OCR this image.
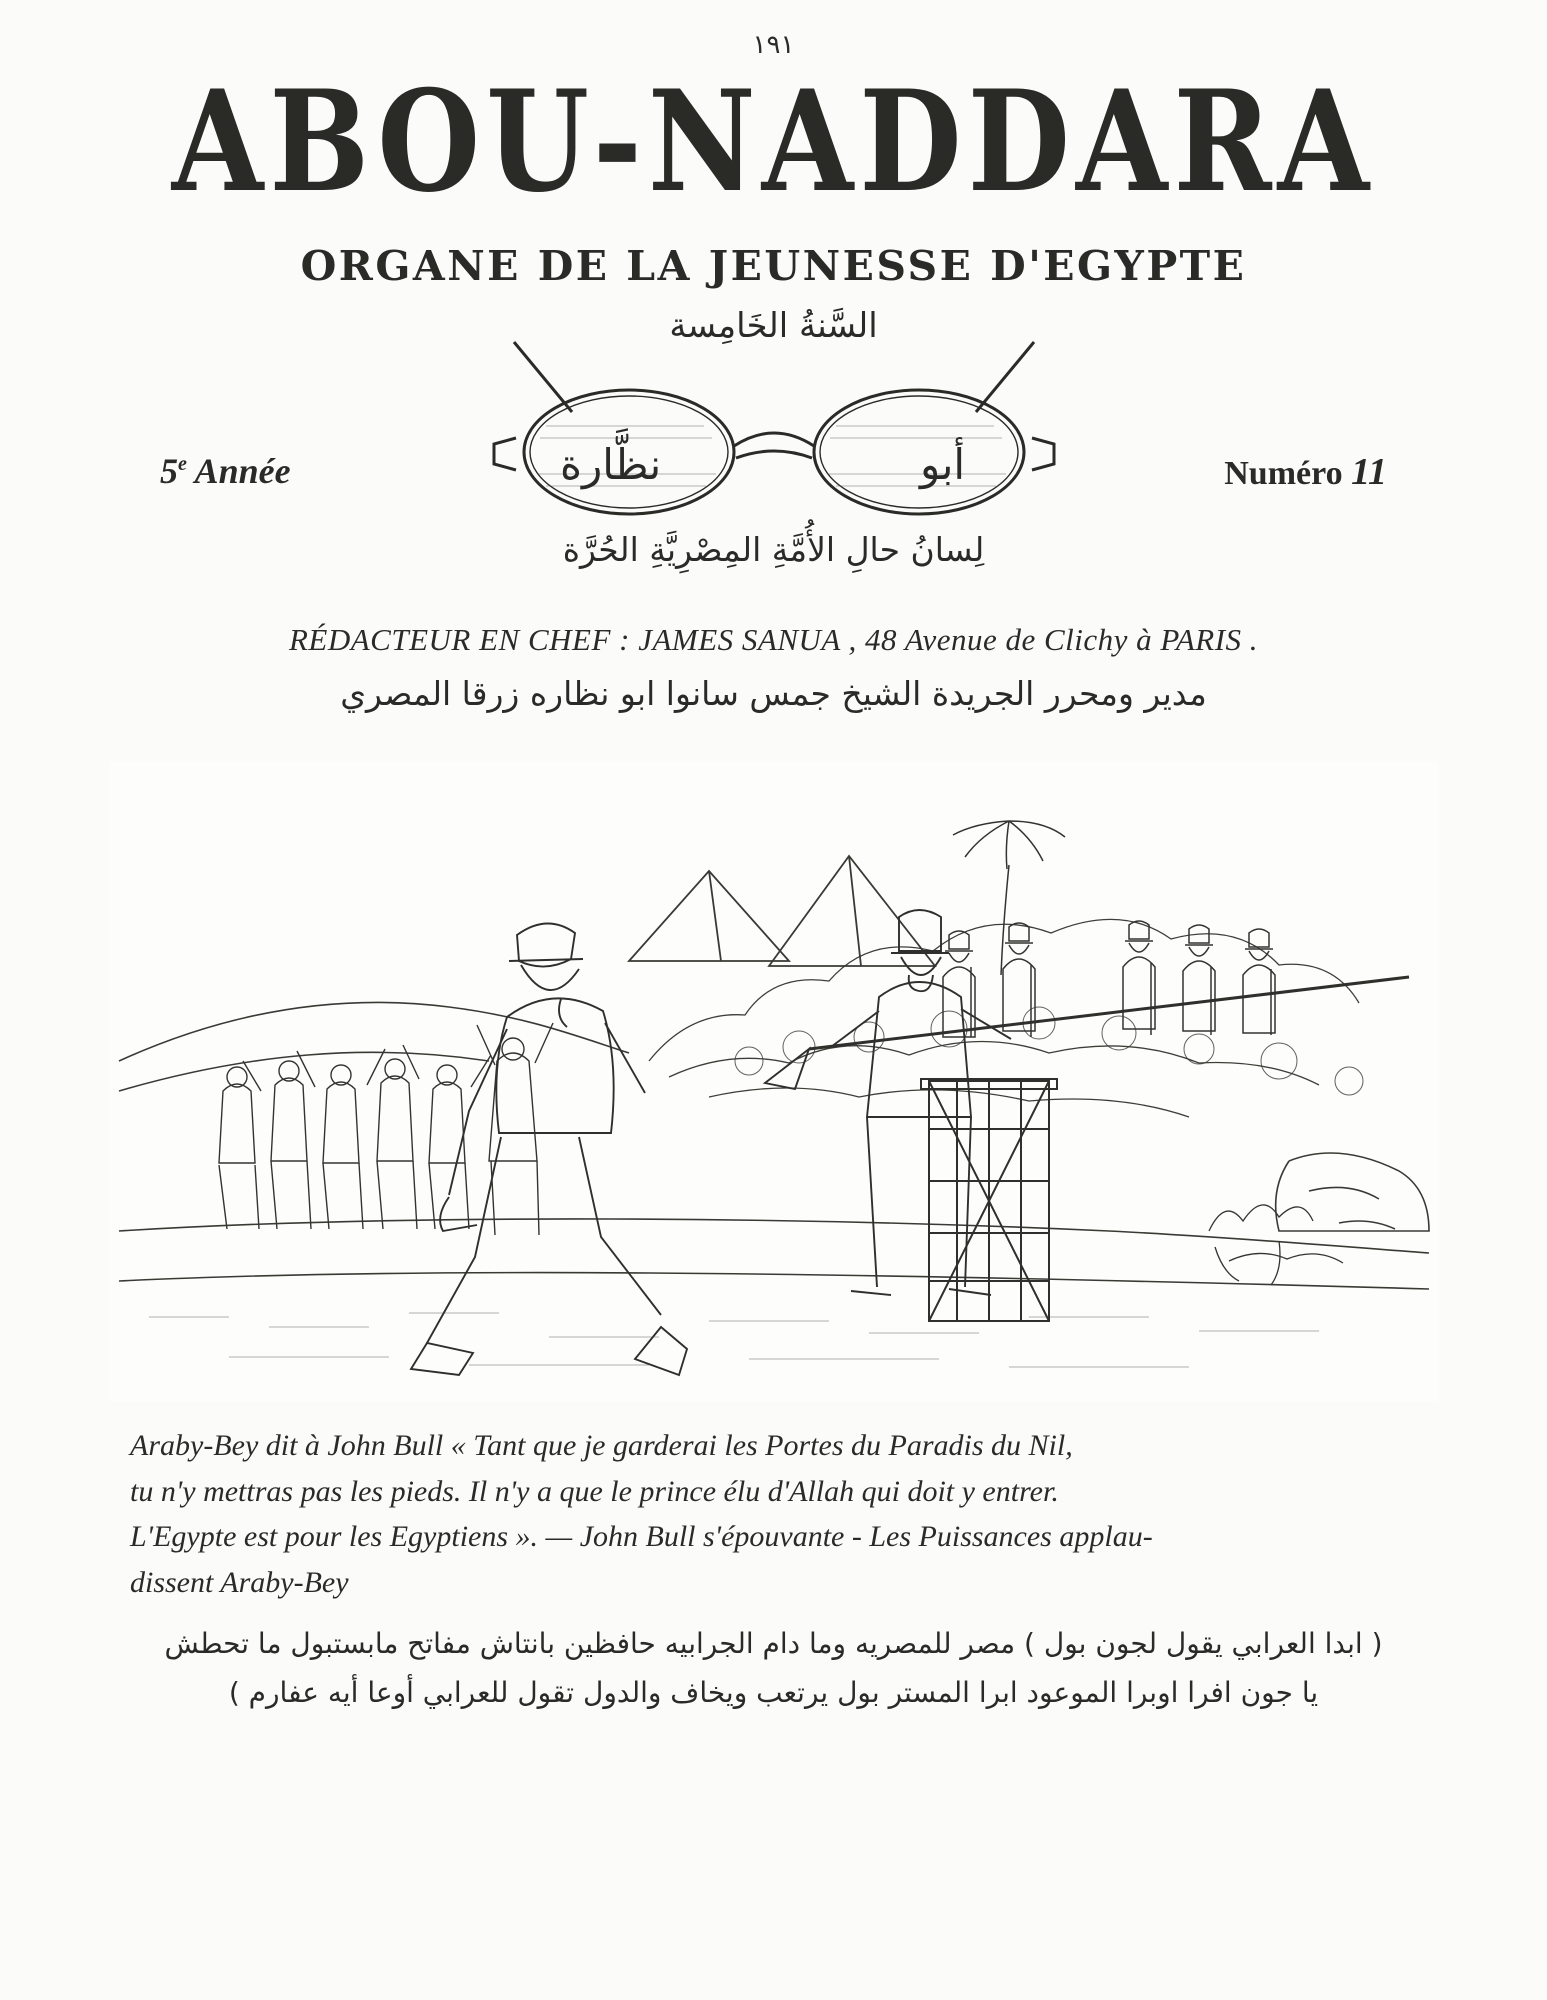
١٩١
ABOU-NADDARA
ORGANE DE LA JEUNESSE D'EGYPTE
السَّنةُ الخَامِسة
5e Année	Numéro 11
نظَّارة	أبو
لِسانُ حالِ الأُمَّةِ المِصْرِيَّةِ الحُرَّة
RÉDACTEUR EN CHEF : JAMES SANUA , 48 Avenue de Clichy à PARIS .
مدير ومحرر الجريدة الشيخ جمس سانوا ابو نظاره زرقا المصري
Araby-Bey dit à John Bull « Tant que je garderai les Portes du Paradis du Nil,
tu n'y mettras pas les pieds. Il n'y a que le prince élu d'Allah qui doit y entrer.
L'Egypte est pour les Egyptiens ». — John Bull s'épouvante - Les Puissances applau-
dissent Araby-Bey
( ابدا العرابي يقول لجون بول ) مصر للمصريه وما دام الجرابيه حافظين بانتاش مفاتح مابستبول ما تحطش
يا جون افرا اوبرا الموعود ابرا المستر بول يرتعب ويخاف والدول تقول للعرابي أوعا أيه عفارم )
